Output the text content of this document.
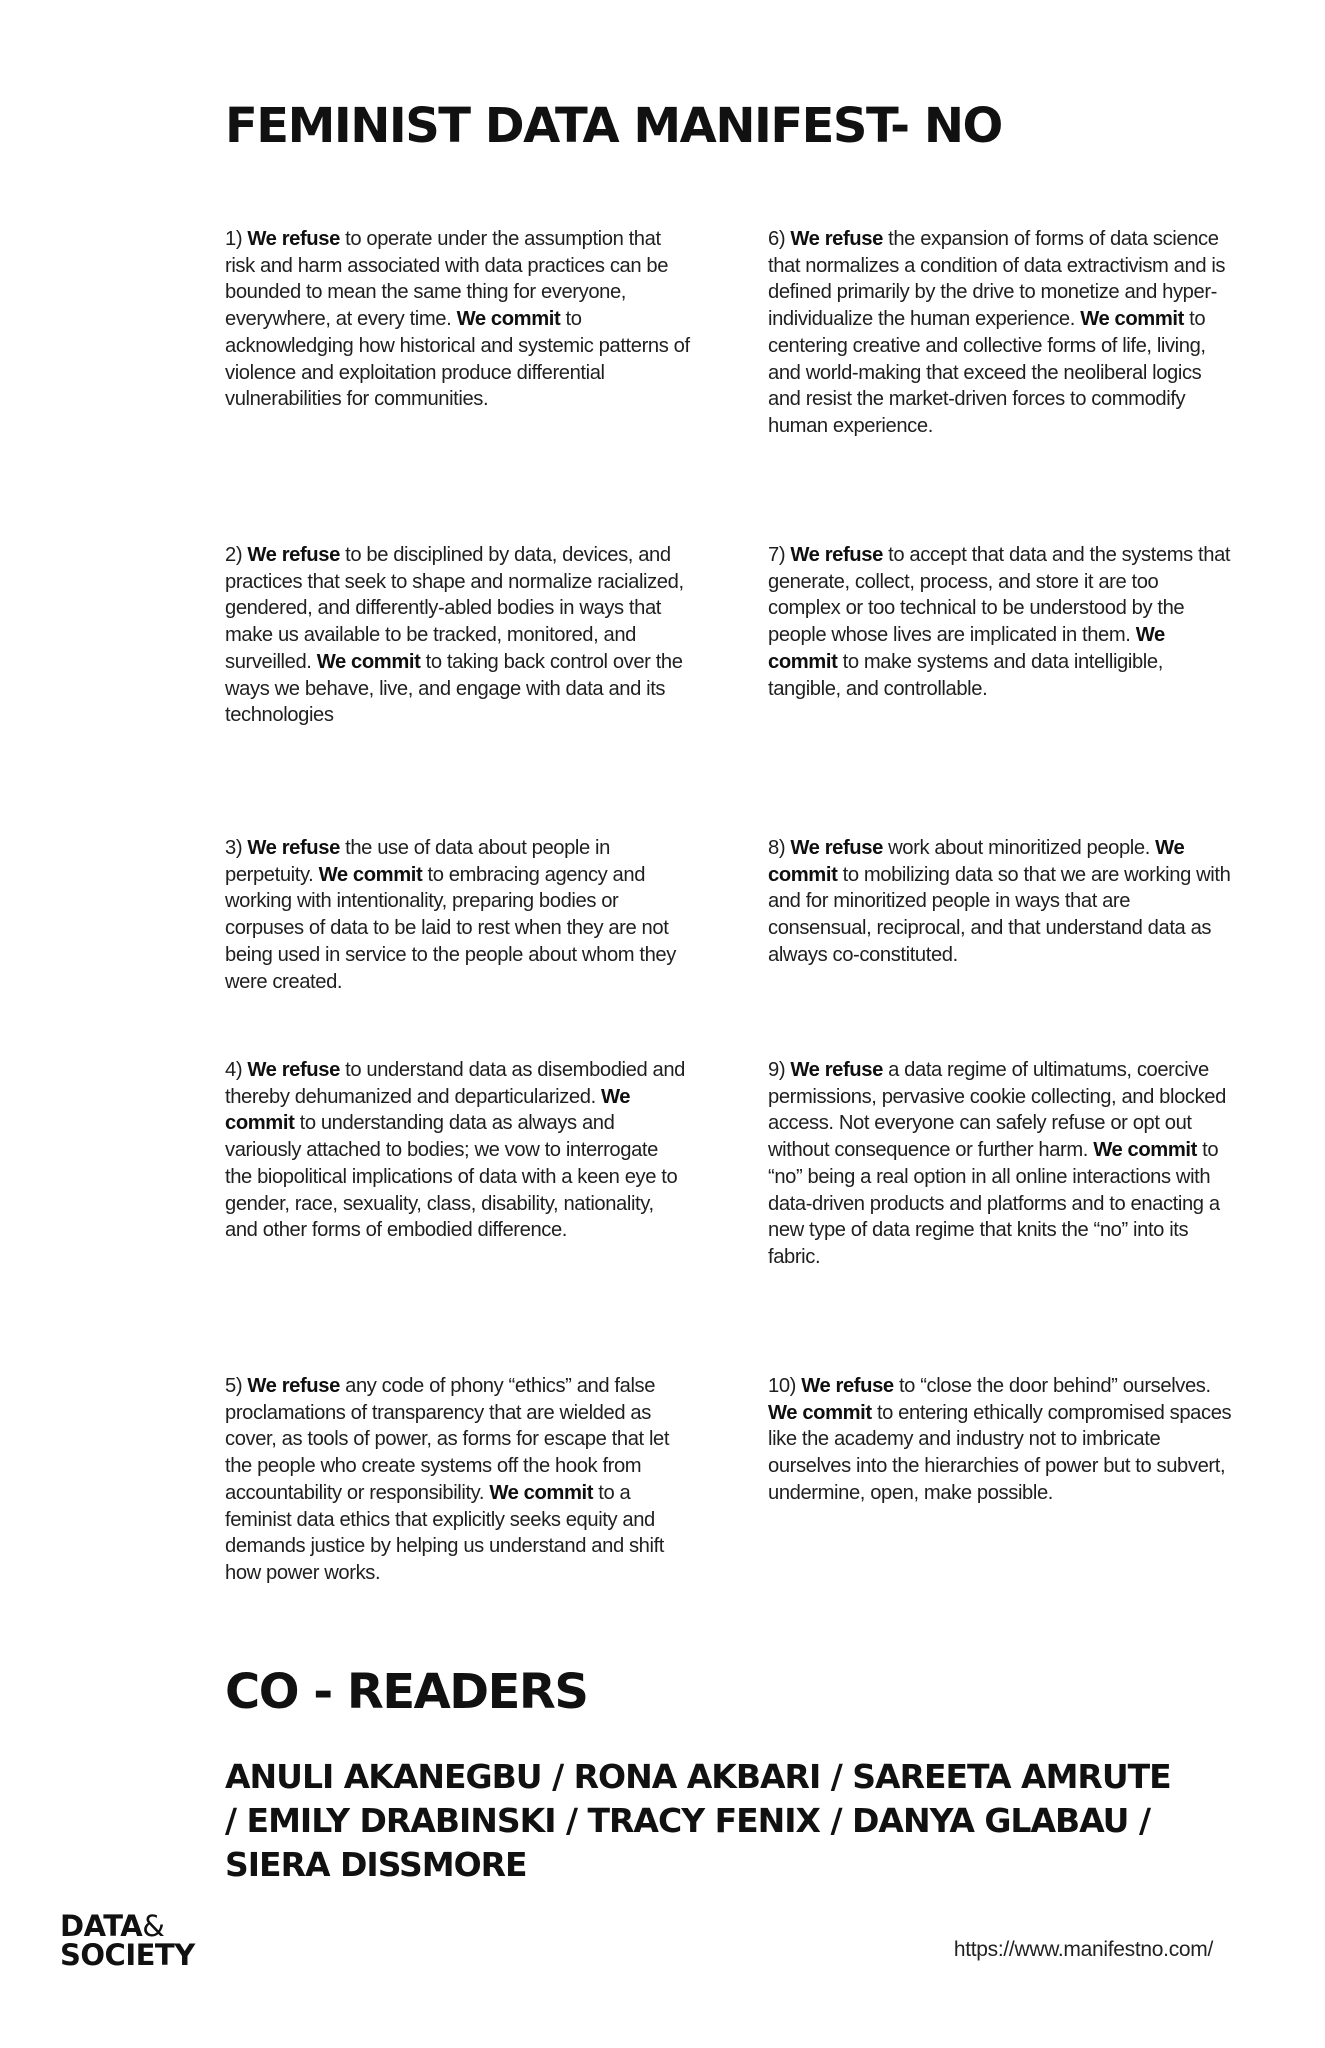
FEMINIST DATA MANIFEST- NO
1) We refuse to operate under the assumption that risk and harm associated with data practices can be bounded to mean the same thing for everyone, everywhere, at every time. We commit to acknowledging how historical and systemic patterns of violence and exploitation produce differential vulnerabilities for communities.
2) We refuse to be disciplined by data, devices, and practices that seek to shape and normalize racialized, gendered, and differently-abled bodies in ways that make us available to be tracked, monitored, and surveilled. We commit to taking back control over the ways we behave, live, and engage with data and its technologies
3) We refuse the use of data about people in perpetuity. We commit to embracing agency and working with intentionality, preparing bodies or corpuses of data to be laid to rest when they are not being used in service to the people about whom they were created.
4) We refuse to understand data as disembodied and thereby dehumanized and departicularized. We commit to understanding data as always and variously attached to bodies; we vow to interrogate the biopolitical implications of data with a keen eye to gender, race, sexuality, class, disability, nationality, and other forms of embodied difference.
5) We refuse any code of phony “ethics” and false proclamations of transparency that are wielded as cover, as tools of power, as forms for escape that let the people who create systems off the hook from accountability or responsibility. We commit to a feminist data ethics that explicitly seeks equity and demands justice by helping us understand and shift how power works.
6) We refuse the expansion of forms of data science that normalizes a condition of data extractivism and is defined primarily by the drive to monetize and hyper-individualize the human experience. We commit to centering creative and collective forms of life, living, and world-making that exceed the neoliberal logics and resist the market-driven forces to commodify human experience.
7) We refuse to accept that data and the systems that generate, collect, process, and store it are too complex or too technical to be understood by the people whose lives are implicated in them. We commit to make systems and data intelligible, tangible, and controllable.
8) We refuse work about minoritized people. We commit to mobilizing data so that we are working with and for minoritized people in ways that are consensual, reciprocal, and that understand data as always co-constituted.
9) We refuse a data regime of ultimatums, coercive permissions, pervasive cookie collecting, and blocked access. Not everyone can safely refuse or opt out without consequence or further harm. We commit to “no” being a real option in all online interactions with data-driven products and platforms and to enacting a new type of data regime that knits the “no” into its fabric.
10) We refuse to “close the door behind” ourselves. We commit to entering ethically compromised spaces like the academy and industry not to imbricate ourselves into the hierarchies of power but to subvert, undermine, open, make possible.
CO - READERS

ANULI AKANEGBU / RONA AKBARI / SAREETA AMRUTE / EMILY DRABINSKI / TRACY FENIX / DANYA GLABAU / SIERA DISSMORE

DATA&
SOCIETY	https://www.manifestno.com/
